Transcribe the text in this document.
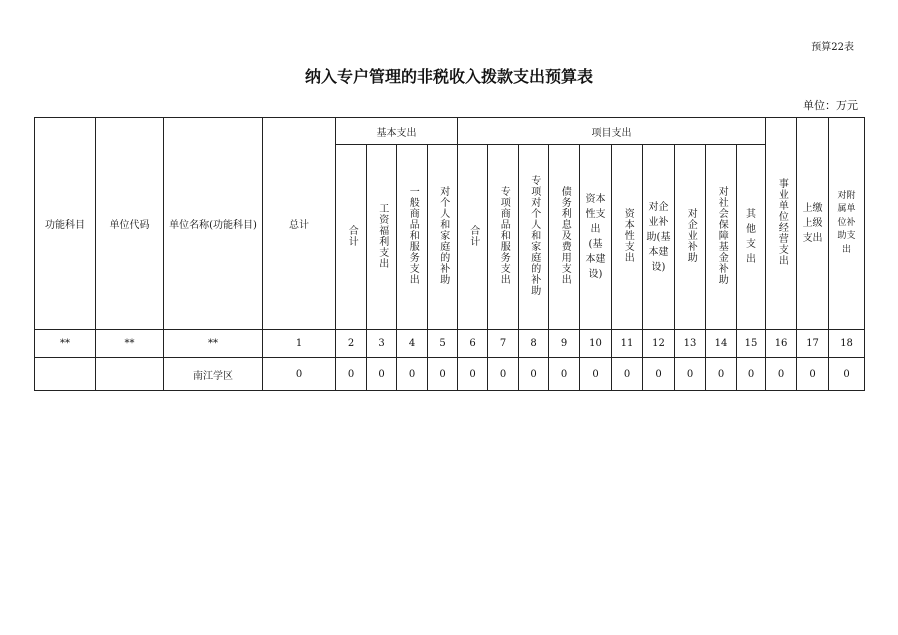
预算22表
纳入专户管理的非税收入拨款支出预算表
单位：万元
功能科目	单位代码	单位名称(功能科目)	总计	基本支出				项目支出										事业单位经营支出	上缴上级支出	对附属单位补助支出
				合计	工资福利支出	一般商品和服务支出	对个人和家庭的补助	合计	专项商品和服务支出	专项对个人和家庭的补助	债务利息及费用支出	资本性支出(基本建设)	资本性支出	对企业补助(基本建设)	对企业补助	对社会保障基金补助	其他支出			
**	**	**	1	2	3	4	5	6	7	8	9	10	11	12	13	14	15	16	17	18
		南江学区	0	0	0	0	0	0	0	0	0	0	0	0	0	0	0	0	0	0
